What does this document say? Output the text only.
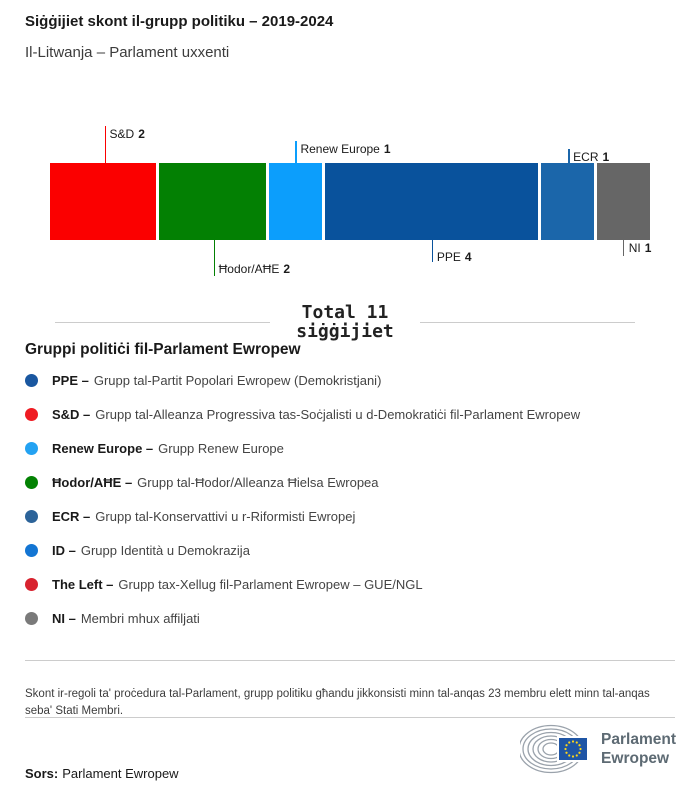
Siġġijiet skont il-grupp politiku – 2019-2024
Il-Litwanja – Parlament uxxenti
S&D 2
Renew Europe 1
ECR 1
Ħodor/AĦE 2
PPE 4
NI 1
Total 11
siġġijiet
Gruppi politiċi fil-Parlament Ewropew
PPE – Grupp tal-Partit Popolari Ewropew (Demokristjani)
S&D – Grupp tal-Alleanza Progressiva tas-Soċjalisti u d-Demokratiċi fil-Parlament Ewropew
Renew Europe – Grupp Renew Europe
Ħodor/AĦE – Grupp tal-Ħodor/Alleanza Ħielsa Ewropea
ECR – Grupp tal-Konservattivi u r-Riformisti Ewropej
ID – Grupp Identità u Demokrazija
The Left – Grupp tax-Xellug fil-Parlament Ewropew – GUE/NGL
NI – Membri mhux affiljati

Skont ir-regoli ta' proċedura tal-Parlament, grupp politiku għandu jikkonsisti minn tal-anqas 23 membru elett minn tal-anqas seba' Stati Membri.

Sors: Parlament Ewropew

Parlament
Ewropew
